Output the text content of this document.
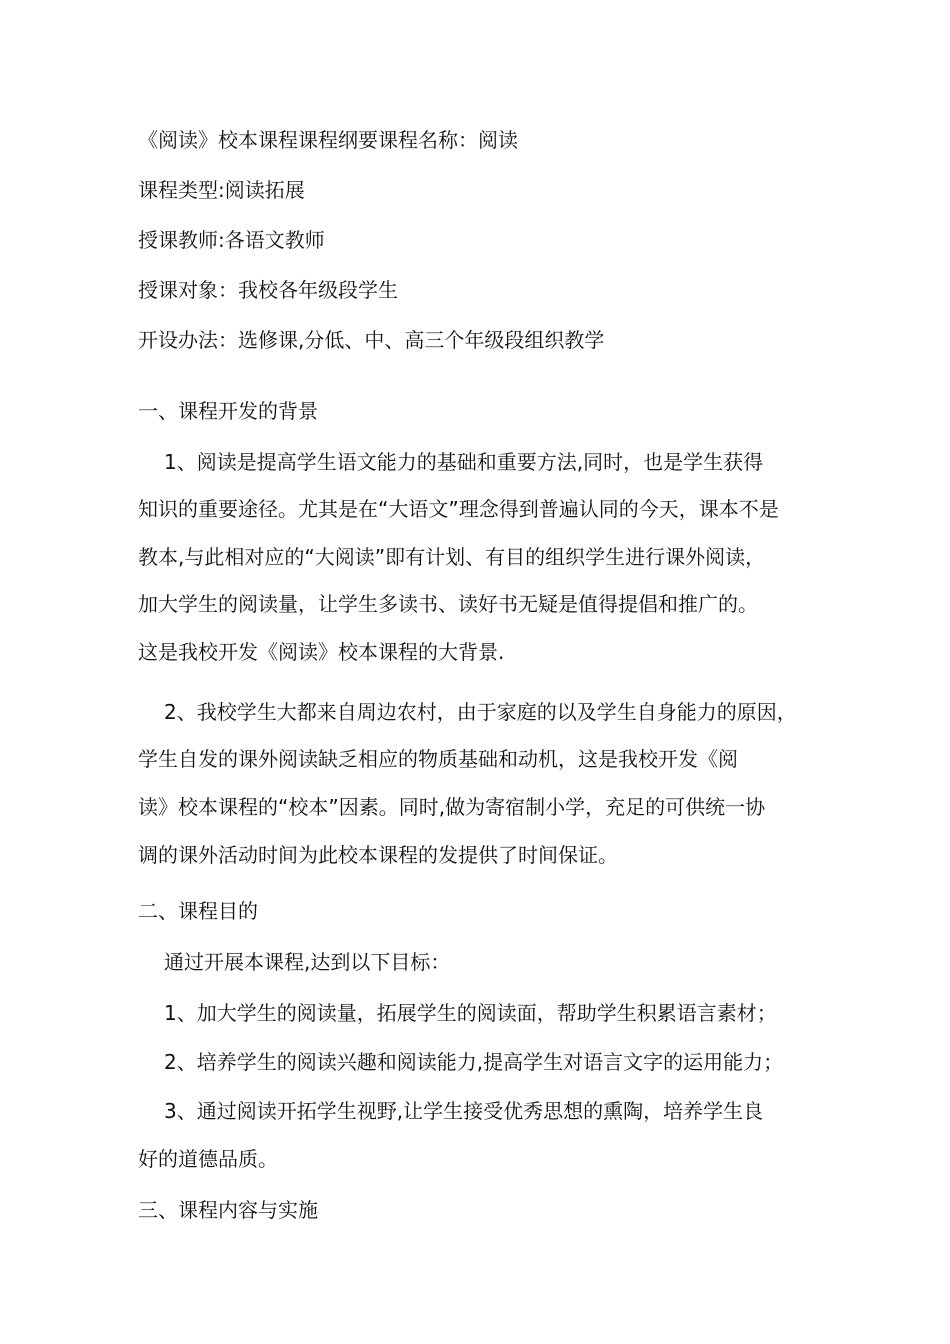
《阅读》校本课程课程纲要课程名称：阅读
课程类型:阅读拓展
授课教师:各语文教师
授课对象：我校各年级段学生
开设办法：选修课,分低、中、高三个年级段组织教学
一、课程开发的背景
1、阅读是提高学生语文能力的基础和重要方法,同时，也是学生获得
知识的重要途径。尤其是在“大语文”理念得到普遍认同的今天，课本不是
教本,与此相对应的“大阅读”即有计划、有目的组织学生进行课外阅读，
加大学生的阅读量，让学生多读书、读好书无疑是值得提倡和推广的。
这是我校开发《阅读》校本课程的大背景.
2、我校学生大都来自周边农村，由于家庭的以及学生自身能力的原因，
学生自发的课外阅读缺乏相应的物质基础和动机，这是我校开发《阅
读》校本课程的“校本”因素。同时,做为寄宿制小学，充足的可供统一协
调的课外活动时间为此校本课程的发提供了时间保证。
二、课程目的
通过开展本课程,达到以下目标：
1、加大学生的阅读量，拓展学生的阅读面，帮助学生积累语言素材；
2、培养学生的阅读兴趣和阅读能力,提高学生对语言文字的运用能力；
3、通过阅读开拓学生视野,让学生接受优秀思想的熏陶，培养学生良
好的道德品质。
三、课程内容与实施
